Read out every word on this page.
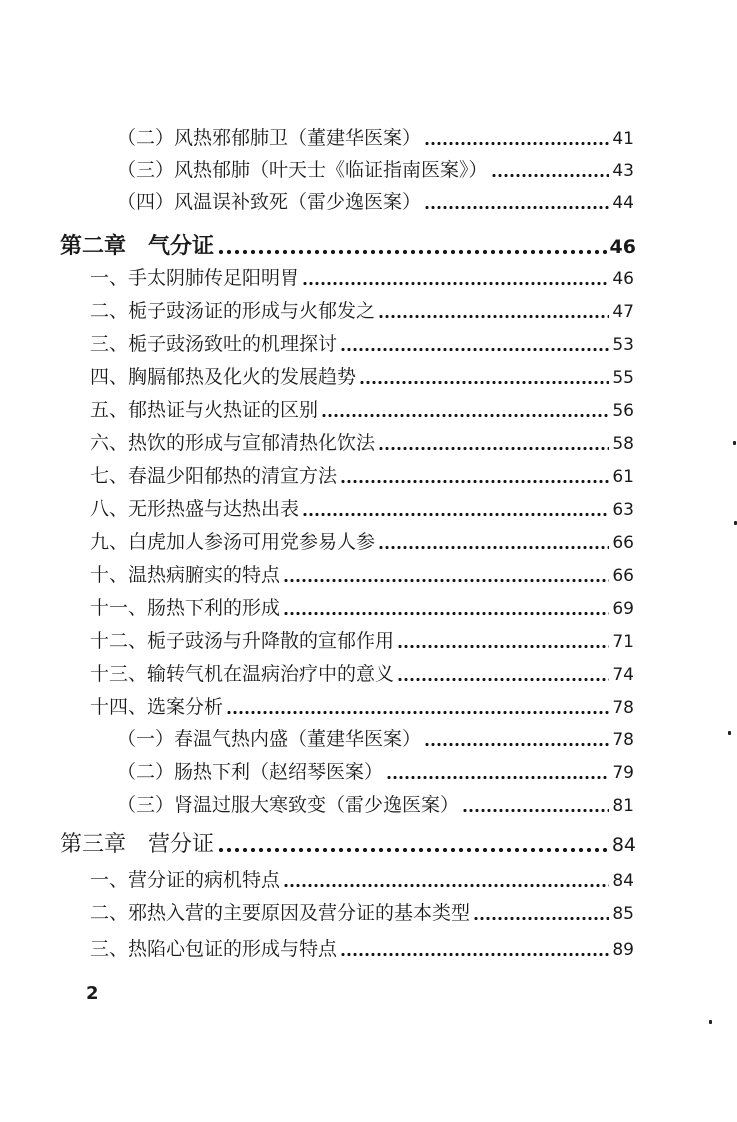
（二）风热邪郁肺卫（董建华医案）	41
（三）风热郁肺（叶天士《临证指南医案》）	43
（四）风温误补致死（雷少逸医案）	44
第二章　气分证	46
一、手太阴肺传足阳明胃	46
二、栀子豉汤证的形成与火郁发之	47
三、栀子豉汤致吐的机理探讨	53
四、胸膈郁热及化火的发展趋势	55
五、郁热证与火热证的区别	56
六、热饮的形成与宣郁清热化饮法	58
七、春温少阳郁热的清宣方法	61
八、无形热盛与达热出表	63
九、白虎加人参汤可用党参易人参	66
十、温热病腑实的特点	66
十一、肠热下利的形成	69
十二、栀子豉汤与升降散的宣郁作用	71
十三、输转气机在温病治疗中的意义	74
十四、选案分析	78
（一）春温气热内盛（董建华医案）	78
（二）肠热下利（赵绍琴医案）	79
（三）肾温过服大寒致变（雷少逸医案）	81
第三章　营分证	84
一、营分证的病机特点	84
二、邪热入营的主要原因及营分证的基本类型	85
三、热陷心包证的形成与特点	89
2
